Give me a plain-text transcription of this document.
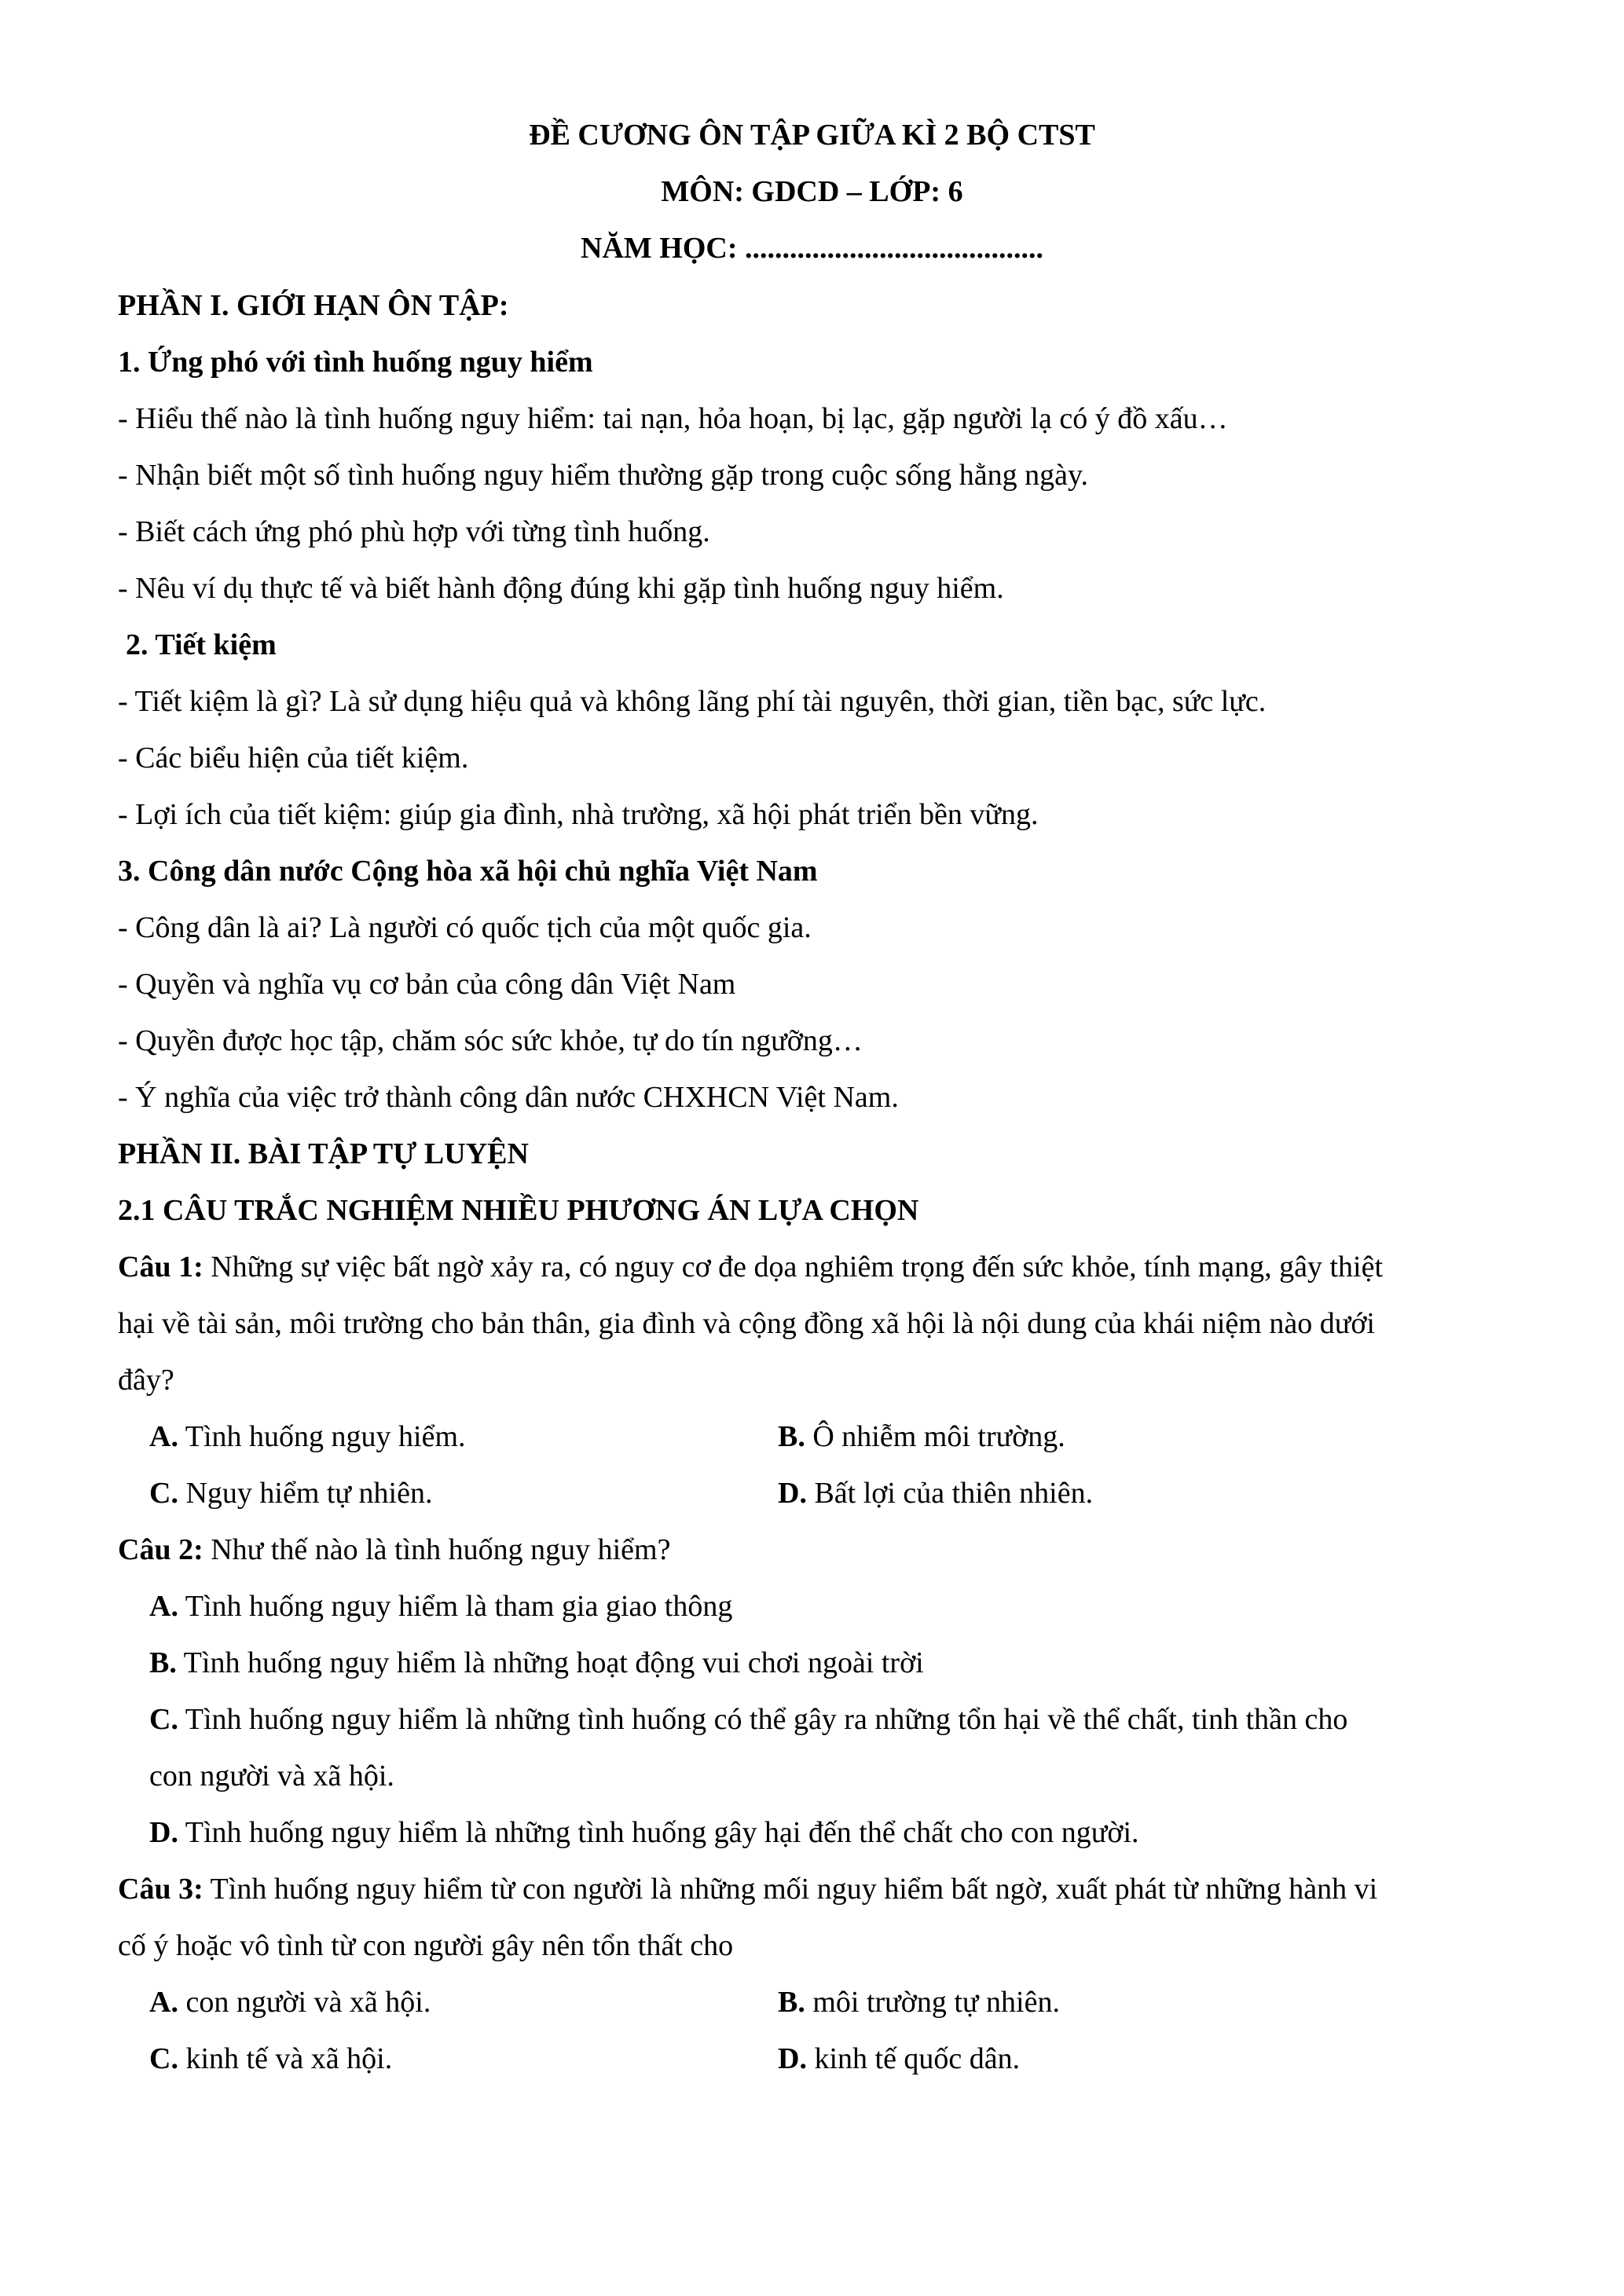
ĐỀ CƯƠNG ÔN TẬP GIỮA KÌ 2 BỘ CTST
MÔN: GDCD – LỚP: 6
NĂM HỌC: ........................................
PHẦN I. GIỚI HẠN ÔN TẬP:
1. Ứng phó với tình huống nguy hiểm
- Hiểu thế nào là tình huống nguy hiểm: tai nạn, hỏa hoạn, bị lạc, gặp người lạ có ý đồ xấu…
- Nhận biết một số tình huống nguy hiểm thường gặp trong cuộc sống hằng ngày.
- Biết cách ứng phó phù hợp với từng tình huống.
- Nêu ví dụ thực tế và biết hành động đúng khi gặp tình huống nguy hiểm.
2. Tiết kiệm
- Tiết kiệm là gì? Là sử dụng hiệu quả và không lãng phí tài nguyên, thời gian, tiền bạc, sức lực.
- Các biểu hiện của tiết kiệm.
- Lợi ích của tiết kiệm: giúp gia đình, nhà trường, xã hội phát triển bền vững.
3. Công dân nước Cộng hòa xã hội chủ nghĩa Việt Nam
- Công dân là ai? Là người có quốc tịch của một quốc gia.
- Quyền và nghĩa vụ cơ bản của công dân Việt Nam
- Quyền được học tập, chăm sóc sức khỏe, tự do tín ngưỡng…
- Ý nghĩa của việc trở thành công dân nước CHXHCN Việt Nam.
PHẦN II. BÀI TẬP TỰ LUYỆN
2.1 CÂU TRẮC NGHIỆM NHIỀU PHƯƠNG ÁN LỰA CHỌN
Câu 1: Những sự việc bất ngờ xảy ra, có nguy cơ đe dọa nghiêm trọng đến sức khỏe, tính mạng, gây thiệt
hại về tài sản, môi trường cho bản thân, gia đình và cộng đồng xã hội là nội dung của khái niệm nào dưới
đây?
A. Tình huống nguy hiểm.	B. Ô nhiễm môi trường.
C. Nguy hiểm tự nhiên.	D. Bất lợi của thiên nhiên.
Câu 2: Như thế nào là tình huống nguy hiểm?
A. Tình huống nguy hiểm là tham gia giao thông
B. Tình huống nguy hiểm là những hoạt động vui chơi ngoài trời
C. Tình huống nguy hiểm là những tình huống có thể gây ra những tổn hại về thể chất, tinh thần cho
con người và xã hội.
D. Tình huống nguy hiểm là những tình huống gây hại đến thể chất cho con người.
Câu 3: Tình huống nguy hiểm từ con người là những mối nguy hiểm bất ngờ, xuất phát từ những hành vi
cố ý hoặc vô tình từ con người gây nên tổn thất cho
A. con người và xã hội.	B. môi trường tự nhiên.
C. kinh tế và xã hội.	D. kinh tế quốc dân.
